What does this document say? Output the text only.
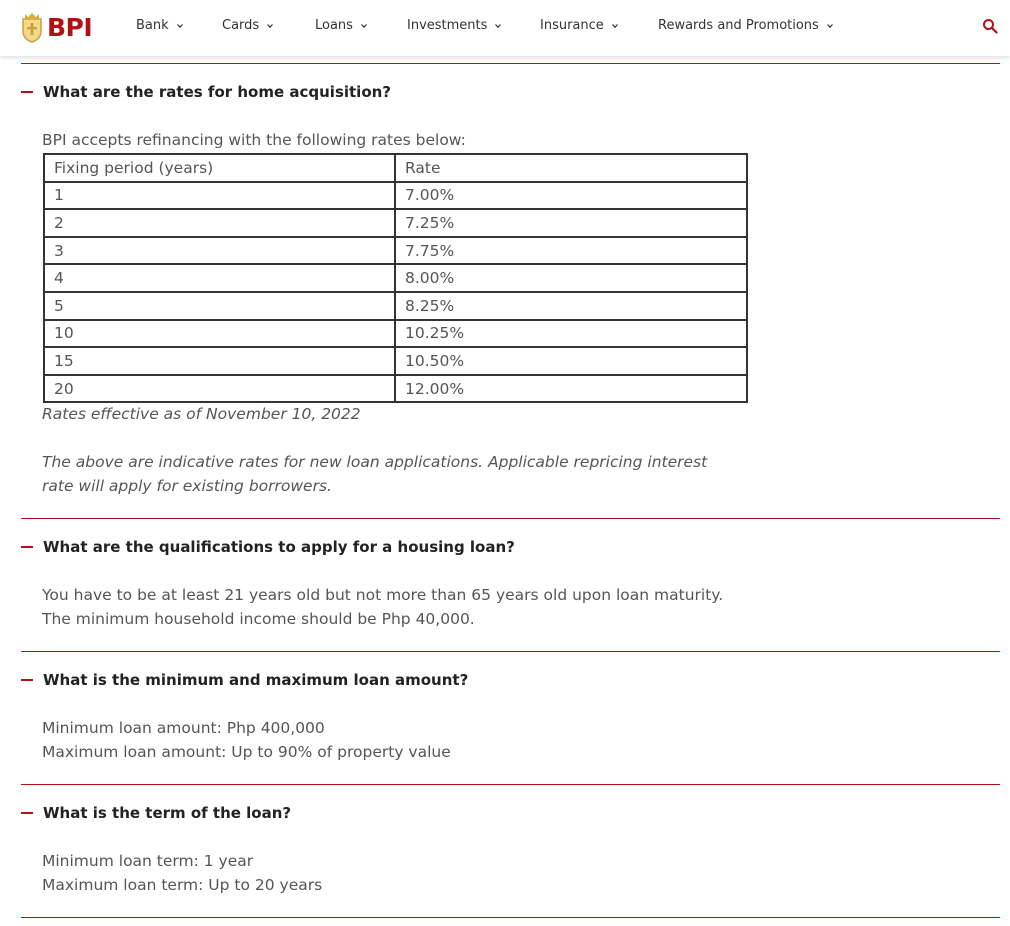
BPI	Bank	Cards	Loans	Investments	Insurance	Rewards and Promotions
What are the rates for home acquisition?
BPI accepts refinancing with the following rates below:
Fixing period (years)	Rate
1	7.00%
2	7.25%
3	7.75%
4	8.00%
5	8.25%
10	10.25%
15	10.50%
20	12.00%
Rates effective as of November 10, 2022
The above are indicative rates for new loan applications. Applicable repricing interest
rate will apply for existing borrowers.
What are the qualifications to apply for a housing loan?
You have to be at least 21 years old but not more than 65 years old upon loan maturity.
The minimum household income should be Php 40,000.
What is the minimum and maximum loan amount?
Minimum loan amount: Php 400,000
Maximum loan amount: Up to 90% of property value
What is the term of the loan?
Minimum loan term: 1 year
Maximum loan term: Up to 20 years
